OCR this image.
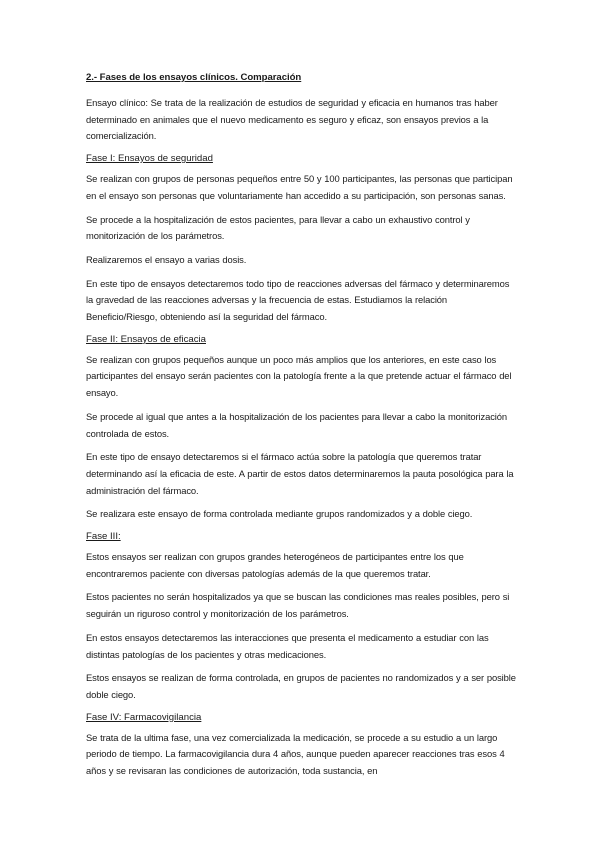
2.- Fases de los ensayos clínicos. Comparación

Ensayo clínico: Se trata de la realización de estudios de seguridad y eficacia en humanos tras haber determinado en animales que el nuevo medicamento es seguro y eficaz, son ensayos previos a la comercialización.

Fase I: Ensayos de seguridad

Se realizan con grupos de personas pequeños entre 50 y 100 participantes, las personas que participan en el ensayo son personas que voluntariamente han accedido a su participación, son personas sanas.

Se procede a la hospitalización de estos pacientes, para llevar a cabo un exhaustivo control y monitorización de los parámetros.

Realizaremos el ensayo a varias dosis.

En este tipo de ensayos detectaremos todo tipo de reacciones adversas del fármaco y determinaremos la gravedad de las reacciones adversas y la frecuencia de estas. Estudiamos la relación Beneficio/Riesgo, obteniendo así la seguridad del fármaco.

Fase II: Ensayos de eficacia

Se realizan con grupos pequeños aunque un poco más amplios que los anteriores, en este caso los participantes del ensayo serán pacientes con la patología frente a la que pretende actuar el fármaco del ensayo.

Se procede al igual que antes a la hospitalización de los pacientes para llevar a cabo la monitorización controlada de estos.

En este tipo de ensayo detectaremos si el fármaco actúa sobre la patología que queremos tratar determinando así la eficacia de este. A partir de estos datos determinaremos la pauta posológica para la administración del fármaco.

Se realizara este ensayo de forma controlada mediante grupos randomizados y a doble ciego.

Fase III:

Estos ensayos ser realizan con grupos grandes heterogéneos de participantes entre los que encontraremos paciente con diversas patologías además de la que queremos tratar.

Estos pacientes no serán hospitalizados ya que se buscan las condiciones mas reales posibles, pero si seguirán un riguroso control y monitorización de los parámetros.

En estos ensayos detectaremos las interacciones que presenta el medicamento a estudiar con las distintas patologías de los pacientes y otras medicaciones.

Estos ensayos se realizan de forma controlada, en grupos de pacientes no randomizados y a ser posible doble ciego.

Fase IV: Farmacovigilancia

Se trata de la ultima fase, una vez comercializada la medicación, se procede a su estudio a un largo periodo de tiempo. La farmacovigilancia dura 4 años, aunque pueden aparecer reacciones tras esos 4 años y se revisaran las condiciones de autorización, toda sustancia, en
